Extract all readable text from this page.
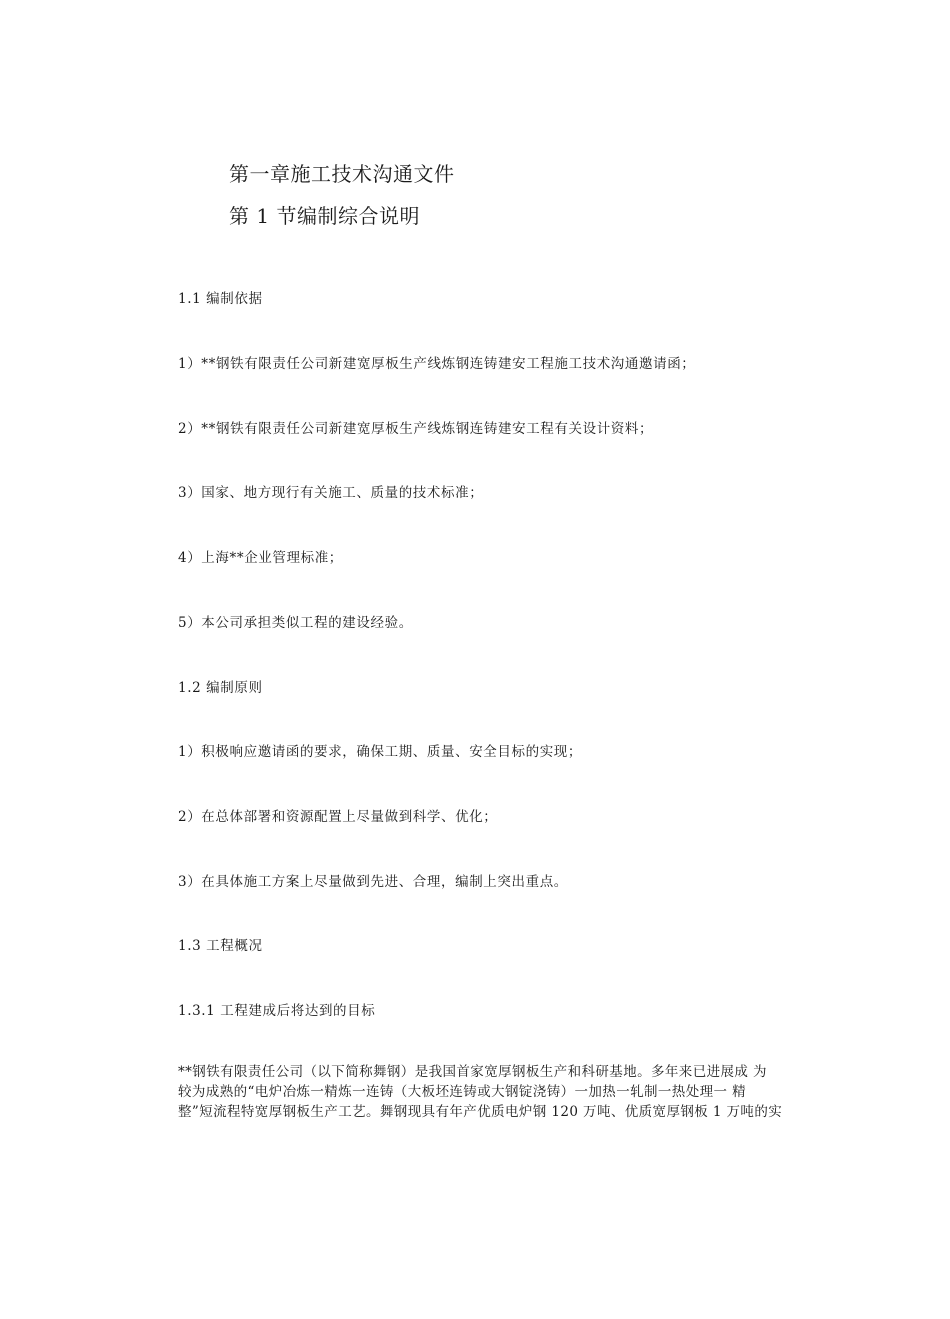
第一章施工技术沟通文件
第 1 节编制综合说明
1.1 编制依据
1）**钢铁有限责任公司新建宽厚板生产线炼钢连铸建安工程施工技术沟通邀请函；
2）**钢铁有限责任公司新建宽厚板生产线炼钢连铸建安工程有关设计资料；
3）国家、地方现行有关施工、质量的技术标准；
4）上海**企业管理标准；
5）本公司承担类似工程的建设经验。
1.2 编制原则
1）积极响应邀请函的要求，确保工期、质量、安全目标的实现；
2）在总体部署和资源配置上尽量做到科学、优化；
3）在具体施工方案上尽量做到先进、合理，编制上突出重点。
1.3 工程概况
1.3.1 工程建成后将达到的目标
**钢铁有限责任公司（以下简称舞钢）是我国首家宽厚钢板生产和科研基地。多年来已进展成 为
较为成熟的“电炉冶炼一精炼一连铸（大板坯连铸或大钢锭浇铸）一加热一轧制一热处理一 精
整”短流程特宽厚钢板生产工艺。舞钢现具有年产优质电炉钢 120 万吨、优质宽厚钢板 1 万吨的实
